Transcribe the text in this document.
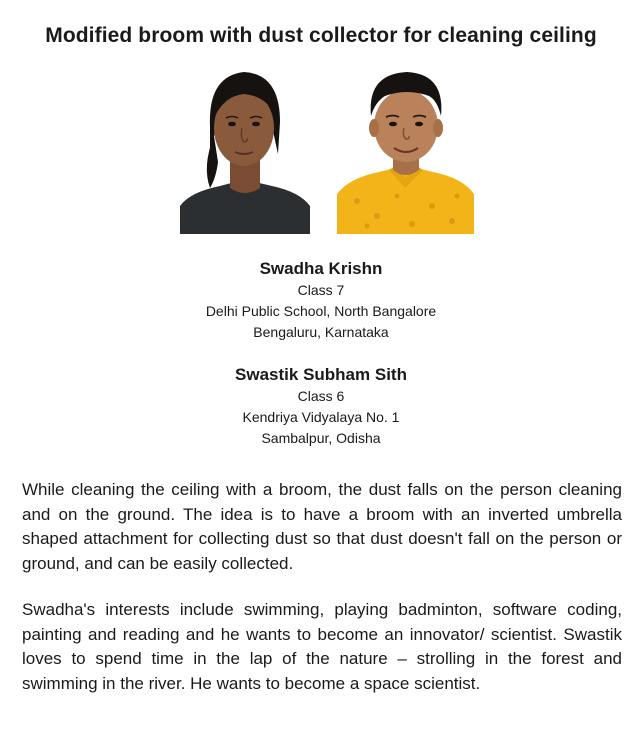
Modified broom with dust collector for cleaning ceiling
Swadha Krishn
Class 7
Delhi Public School, North Bangalore
Bengaluru, Karnataka
Swastik Subham Sith
Class 6
Kendriya Vidyalaya No. 1
Sambalpur, Odisha

While cleaning the ceiling with a broom, the dust falls on the person cleaning and on the ground. The idea is to have a broom with an inverted umbrella shaped attachment for collecting dust so that dust doesn't fall on the person or ground, and can be easily collected.

Swadha's interests include swimming, playing badminton, software coding, painting and reading and he wants to become an innovator/ scientist. Swastik loves to spend time in the lap of the nature – strolling in the forest and swimming in the river. He wants to become a space scientist.
